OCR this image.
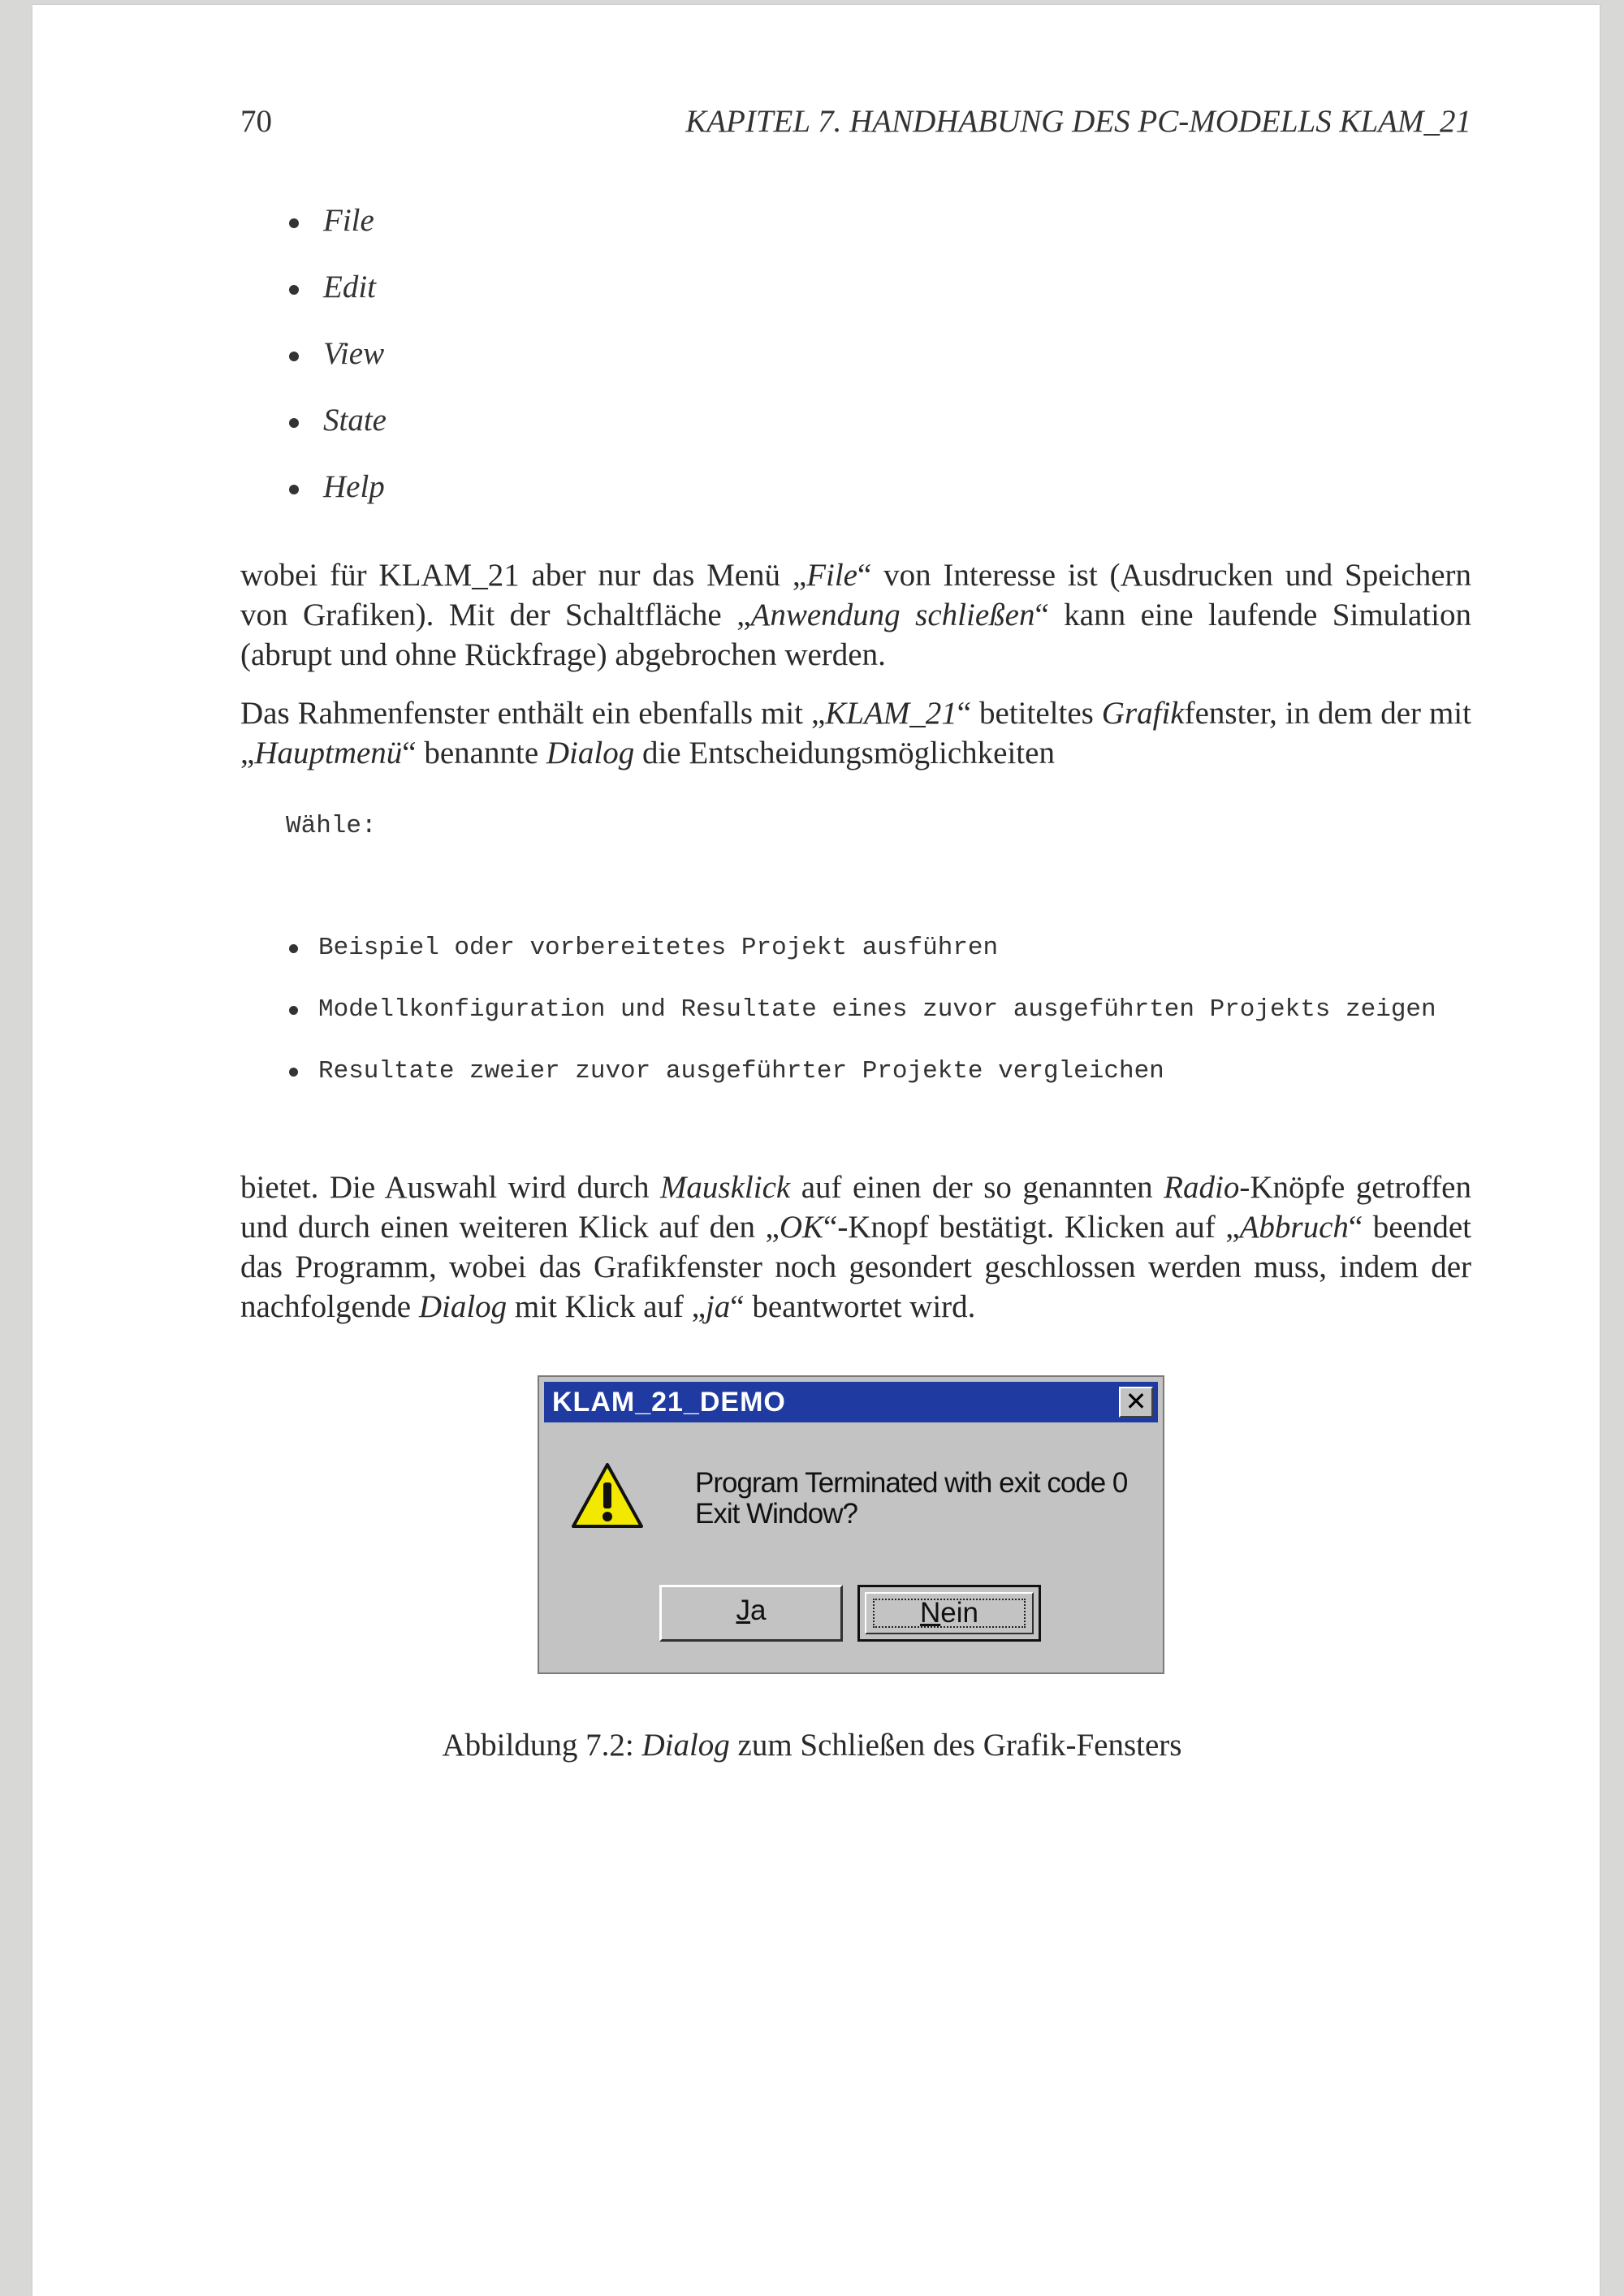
70	KAPITEL 7. HANDHABUNG DES PC-MODELLS KLAM_21
File
Edit
View
State
Help

wobei für KLAM_21 aber nur das Menü „File“ von Interesse ist (Ausdrucken und Speichern von Grafiken). Mit der Schaltfläche „Anwendung schließen“ kann eine laufende Simulation (abrupt und ohne Rückfrage) abgebrochen werden.

Das Rahmenfenster enthält ein ebenfalls mit „KLAM_21“ betiteltes Grafikfenster, in dem der mit „Hauptmenü“ benannte Dialog die Entscheidungsmöglichkeiten

Wähle:
Beispiel oder vorbereitetes Projekt ausführen
Modellkonfiguration und Resultate eines zuvor ausgeführten Projekts zeigen
Resultate zweier zuvor ausgeführter Projekte vergleichen

bietet. Die Auswahl wird durch Mausklick auf einen der so genannten Radio-Knöpfe getroffen und durch einen weiteren Klick auf den „OK“-Knopf bestätigt. Klicken auf „Abbruch“ beendet das Programm, wobei das Grafikfenster noch gesondert geschlossen werden muss, indem der nachfolgende Dialog mit Klick auf „ja“ beantwortet wird.

KLAM_21_DEMO	✕
Program Terminated with exit code 0
Exit Window?
Ja	Nein
Abbildung 7.2: Dialog zum Schließen des Grafik-Fensters
